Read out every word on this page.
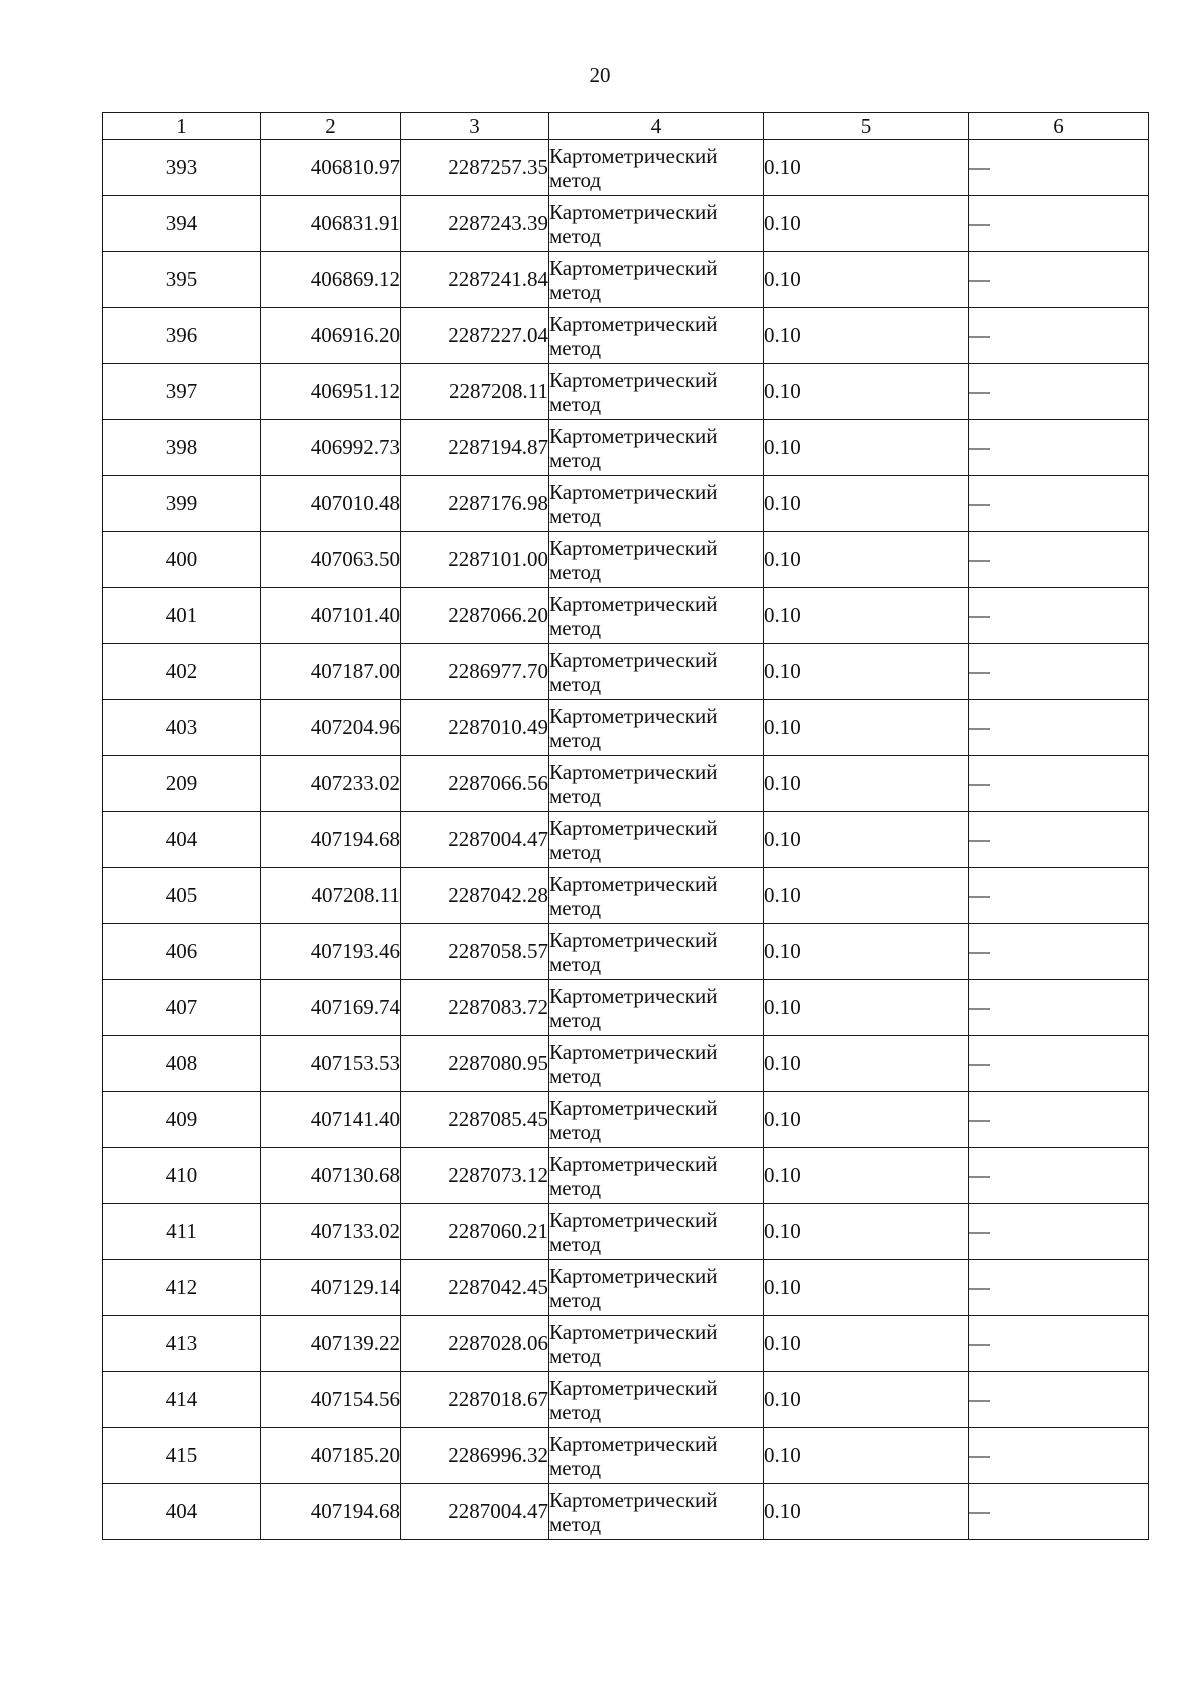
20
1	2	3	4	5	6
393	406810.97	2287257.35	Картометрический
метод	0.10	—
394	406831.91	2287243.39	Картометрический
метод	0.10	—
395	406869.12	2287241.84	Картометрический
метод	0.10	—
396	406916.20	2287227.04	Картометрический
метод	0.10	—
397	406951.12	2287208.11	Картометрический
метод	0.10	—
398	406992.73	2287194.87	Картометрический
метод	0.10	—
399	407010.48	2287176.98	Картометрический
метод	0.10	—
400	407063.50	2287101.00	Картометрический
метод	0.10	—
401	407101.40	2287066.20	Картометрический
метод	0.10	—
402	407187.00	2286977.70	Картометрический
метод	0.10	—
403	407204.96	2287010.49	Картометрический
метод	0.10	—
209	407233.02	2287066.56	Картометрический
метод	0.10	—
404	407194.68	2287004.47	Картометрический
метод	0.10	—
405	407208.11	2287042.28	Картометрический
метод	0.10	—
406	407193.46	2287058.57	Картометрический
метод	0.10	—
407	407169.74	2287083.72	Картометрический
метод	0.10	—
408	407153.53	2287080.95	Картометрический
метод	0.10	—
409	407141.40	2287085.45	Картометрический
метод	0.10	—
410	407130.68	2287073.12	Картометрический
метод	0.10	—
411	407133.02	2287060.21	Картометрический
метод	0.10	—
412	407129.14	2287042.45	Картометрический
метод	0.10	—
413	407139.22	2287028.06	Картометрический
метод	0.10	—
414	407154.56	2287018.67	Картометрический
метод	0.10	—
415	407185.20	2286996.32	Картометрический
метод	0.10	—
404	407194.68	2287004.47	Картометрический
метод	0.10	—
